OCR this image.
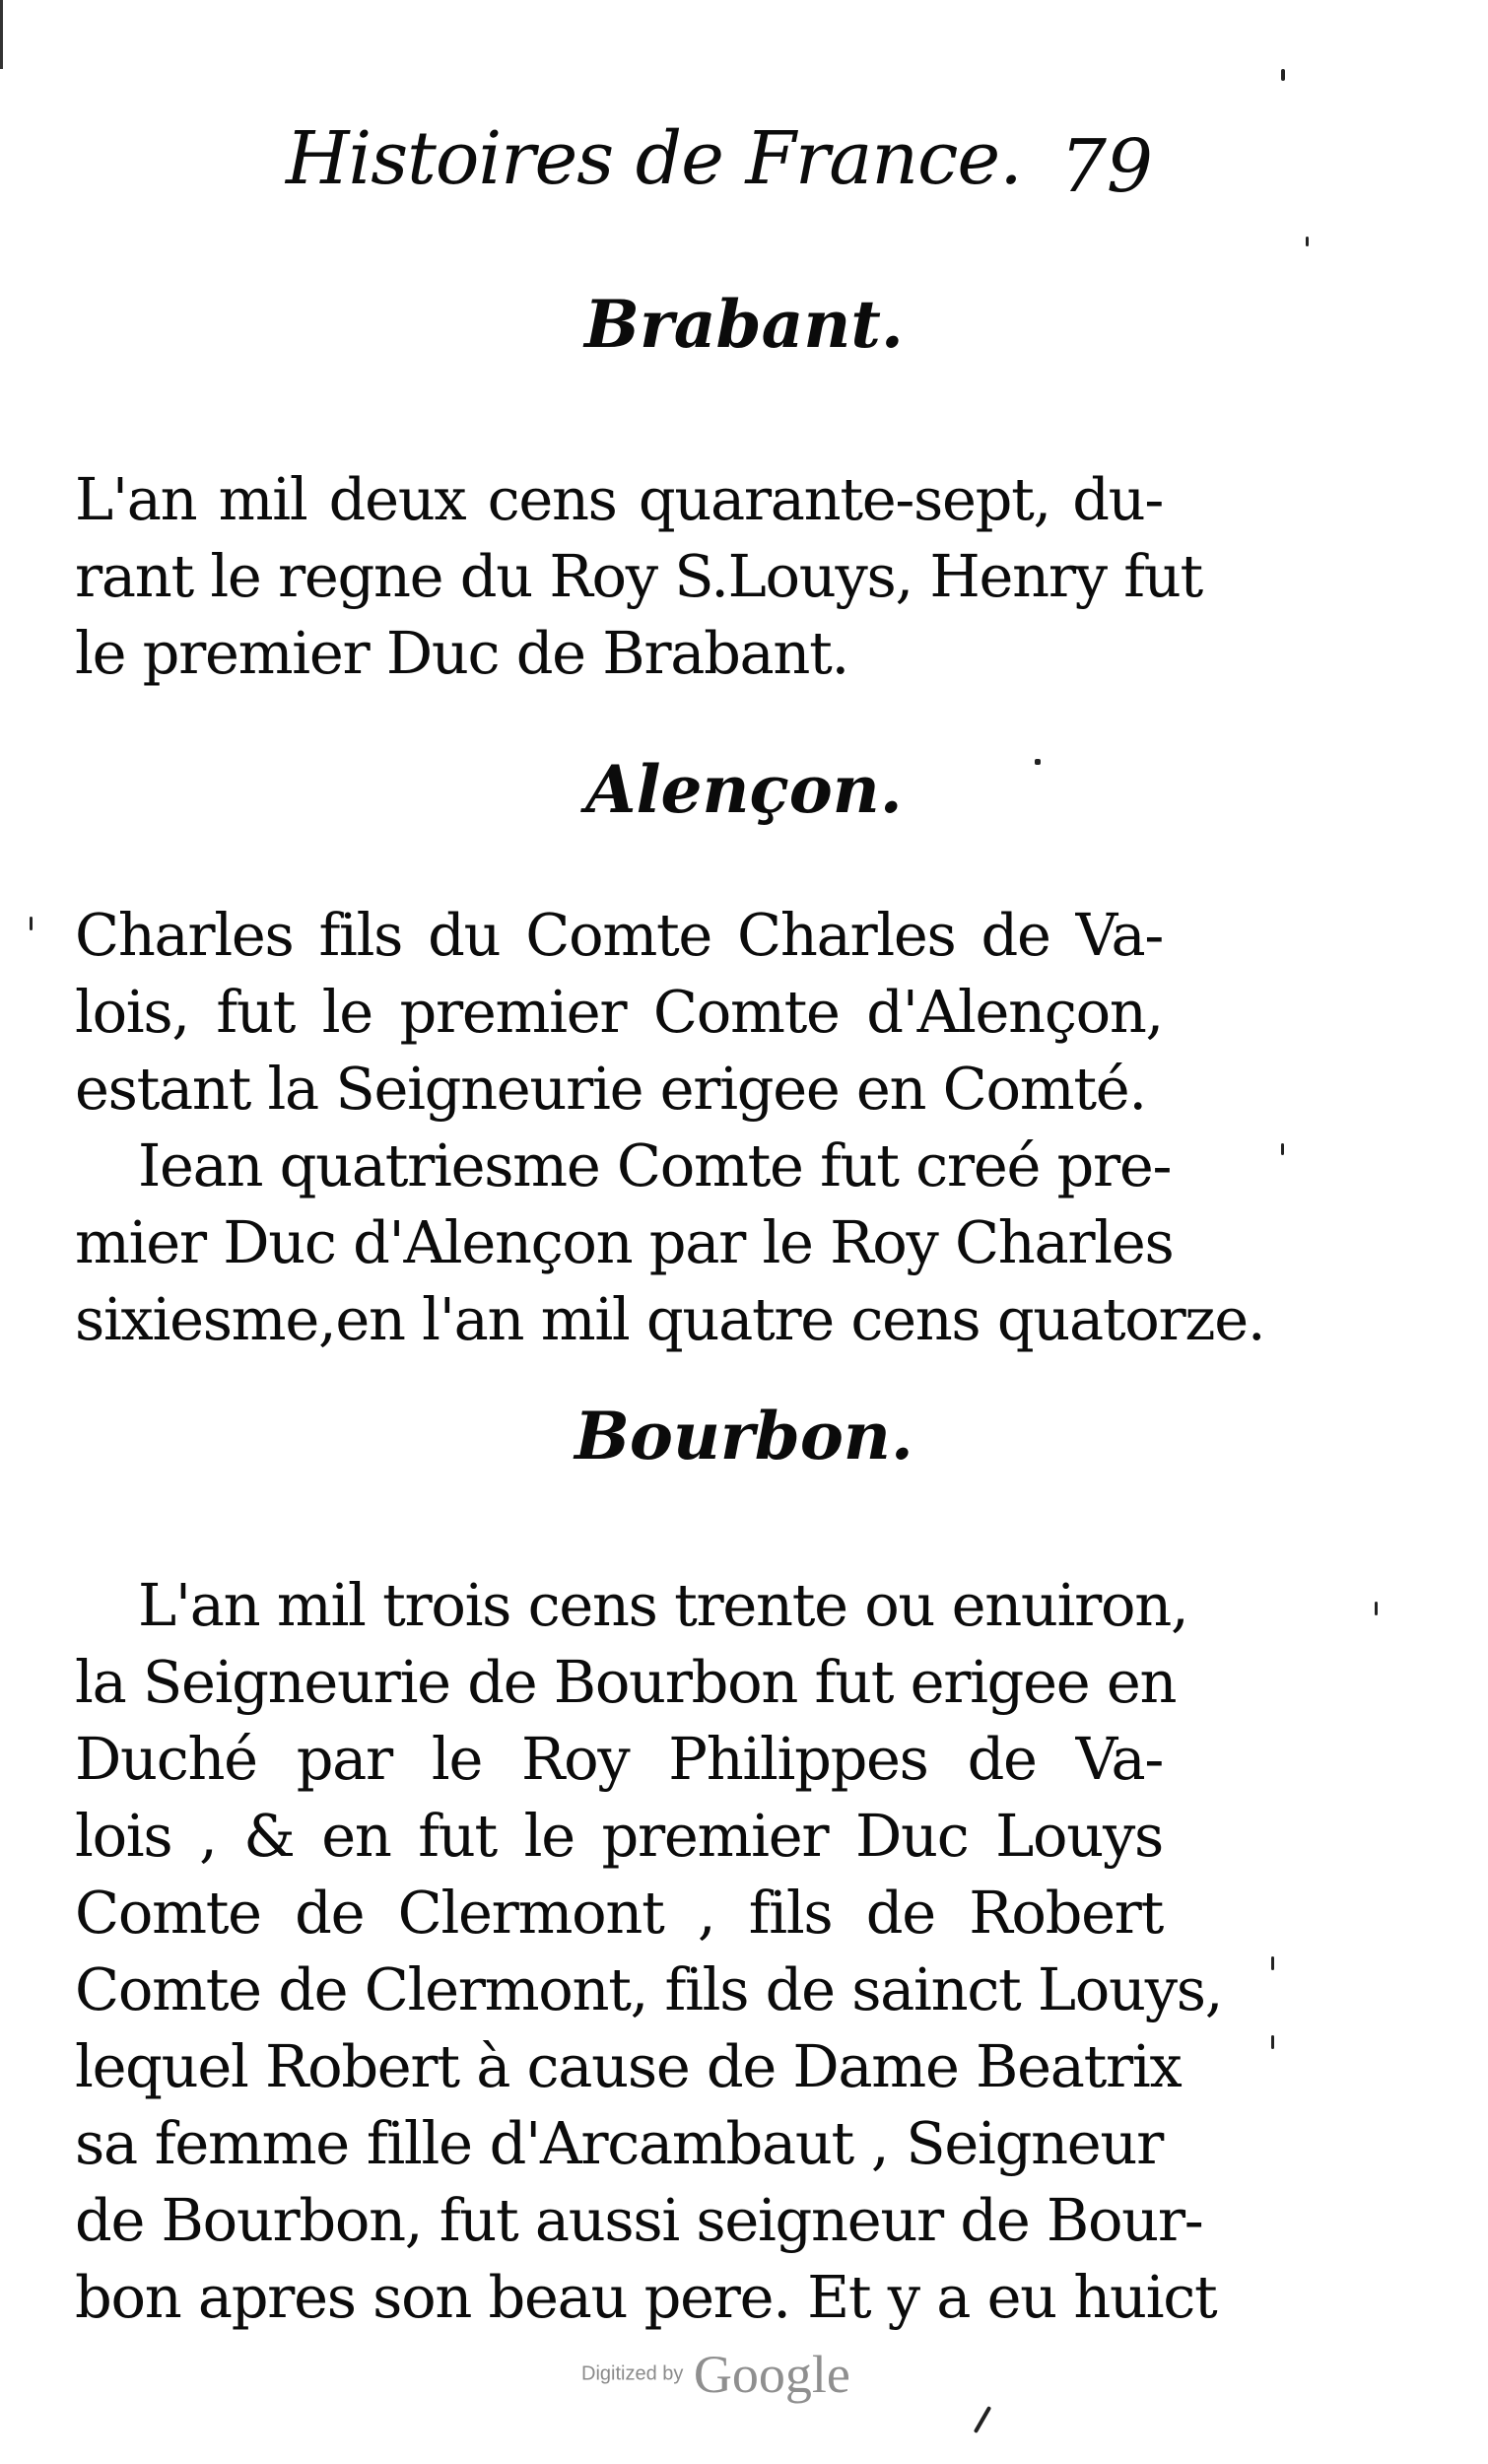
Histoires de France. 79
Brabant.
L'an mil deux cens quarante-sept, du-
rant le regne du Roy S.Louys, Henry fut
le premier Duc de Brabant.
Alençon.
Charles fils du Comte Charles de Va-
lois, fut le premier Comte d'Alençon,
estant la Seigneurie erigee en Comté.
Iean quatriesme Comte fut creé pre-
mier Duc d'Alençon par le Roy Charles
sixiesme,en l'an mil quatre cens quatorze.
Bourbon.
L'an mil trois cens trente ou enuiron,
la Seigneurie de Bourbon fut erigee en
Duché par le Roy Philippes de Va-
lois , & en fut le premier Duc Louys
Comte de Clermont , fils de Robert
Comte de Clermont, fils de sainct Louys,
lequel Robert à cause de Dame Beatrix
sa femme fille d'Arcambaut , Seigneur
de Bourbon, fut aussi seigneur de Bour-
bon apres son beau pere. Et y a eu huict
Digitized by Google
